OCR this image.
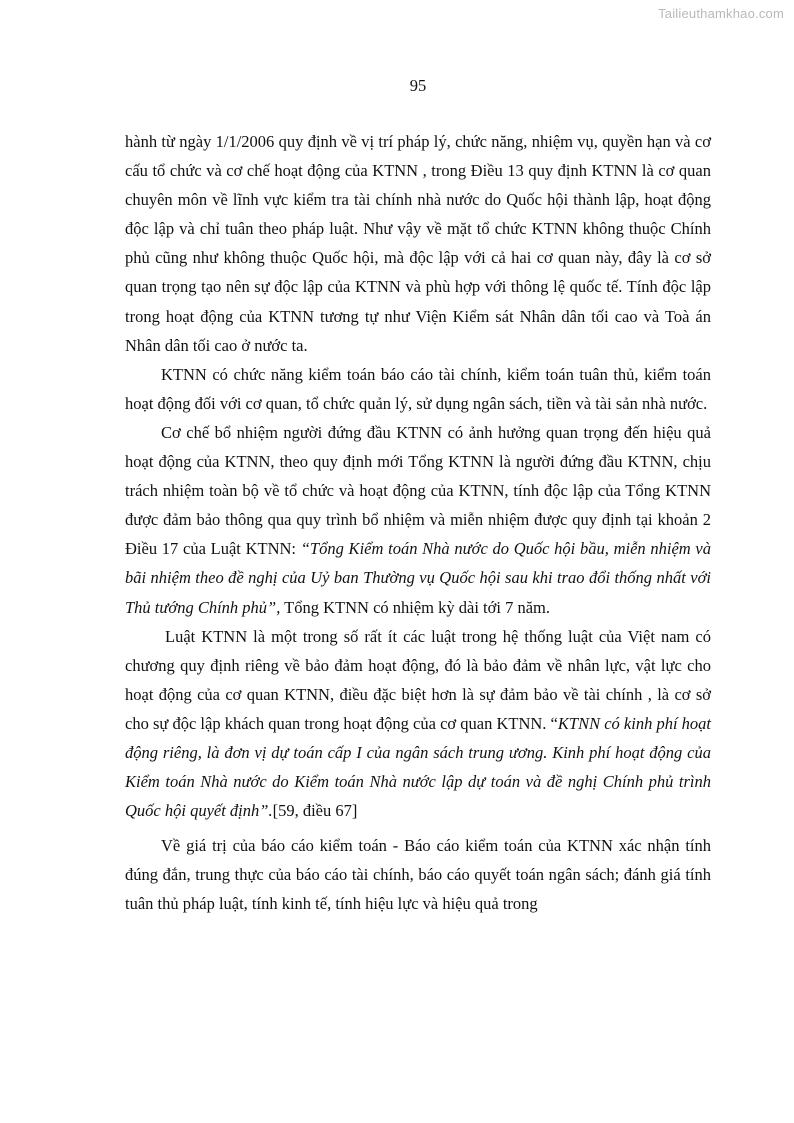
Tailieuthamkhao.com
95

hành từ ngày 1/1/2006 quy định về vị trí pháp lý, chức năng, nhiệm vụ, quyền hạn và cơ cấu tổ chức và cơ chế hoạt động của KTNN , trong Điều 13 quy định KTNN là cơ quan chuyên môn về lĩnh vực kiểm tra tài chính nhà nước do Quốc hội thành lập, hoạt động độc lập và chỉ tuân theo pháp luật. Như vậy về mặt tổ chức KTNN không thuộc Chính phủ cũng như không thuộc Quốc hội, mà độc lập với cả hai cơ quan này, đây là cơ sở quan trọng tạo nên sự độc lập của KTNN và phù hợp với thông lệ quốc tế. Tính độc lập trong hoạt động của KTNN tương tự như Viện Kiểm sát Nhân dân tối cao và Toà án Nhân dân tối cao ở nước ta.

KTNN có chức năng kiểm toán báo cáo tài chính, kiểm toán tuân thủ, kiểm toán hoạt động đối với cơ quan, tổ chức quản lý, sử dụng ngân sách, tiền và tài sản nhà nước.

Cơ chế bổ nhiệm người đứng đầu KTNN có ảnh hưởng quan trọng đến hiệu quả hoạt động của KTNN, theo quy định mới Tổng KTNN là người đứng đầu KTNN, chịu trách nhiệm toàn bộ về tổ chức và hoạt động của KTNN, tính độc lập của Tổng KTNN được đảm bảo thông qua quy trình bổ nhiệm và miễn nhiệm được quy định tại khoản 2 Điều 17 của Luật KTNN: “Tổng Kiểm toán Nhà nước do Quốc hội bầu, miễn nhiệm và bãi nhiệm theo đề nghị của Uỷ ban Thường vụ Quốc hội sau khi trao đổi thống nhất với Thủ tướng Chính phủ”, Tổng KTNN có nhiệm kỳ dài tới 7 năm.

Luật KTNN là một trong số rất ít các luật trong hệ thống luật của Việt nam có chương quy định riêng về bảo đảm hoạt động, đó là bảo đảm về nhân lực, vật lực cho hoạt động của cơ quan KTNN, điều đặc biệt hơn là sự đảm bảo về tài chính , là cơ sở cho sự độc lập khách quan trong hoạt động của cơ quan KTNN. “KTNN có kinh phí hoạt động riêng, là đơn vị dự toán cấp I của ngân sách trung ương. Kinh phí hoạt động của Kiểm toán Nhà nước do Kiểm toán Nhà nước lập dự toán và đề nghị Chính phủ trình Quốc hội quyết định”.[59, điều 67]

Về giá trị của báo cáo kiểm toán - Báo cáo kiểm toán của KTNN xác nhận tính đúng đắn, trung thực của báo cáo tài chính, báo cáo quyết toán ngân sách; đánh giá tính tuân thủ pháp luật, tính kinh tế, tính hiệu lực và hiệu quả trong
